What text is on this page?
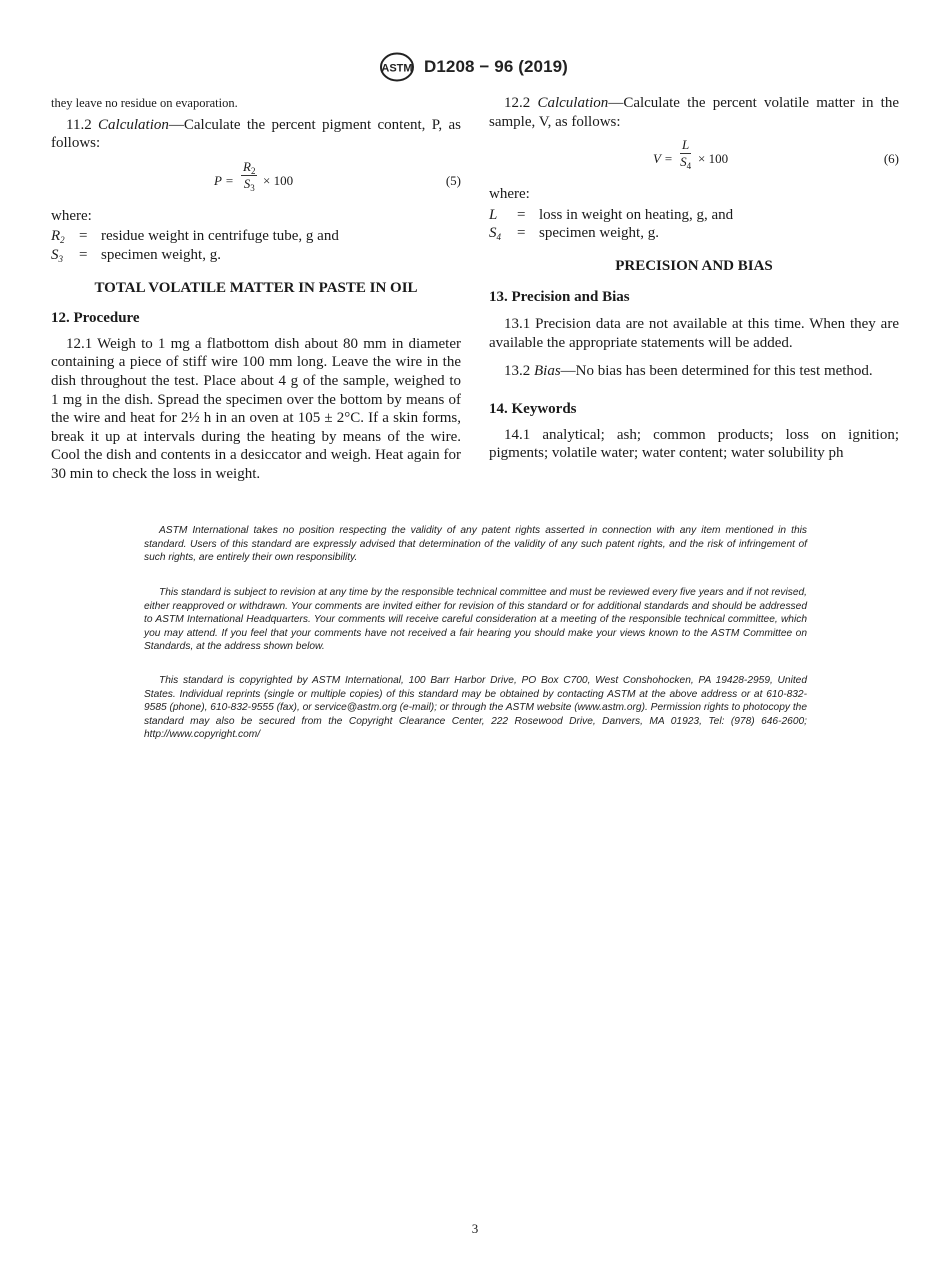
ASTM D1208 − 96 (2019)

they leave no residue on evaporation.

11.2 Calculation—Calculate the percent pigment content, P, as follows:

$P = \frac{R_2}{S_3} \times 100$	(5)

where:

$R_2$ = residue weight in centrifuge tube, g and
$S_3$	= specimen weight, g.

TOTAL VOLATILE MATTER IN PASTE IN OIL

12. Procedure

12.1 Weigh to 1 mg a flatbottom dish about 80 mm in diameter containing a piece of stiff wire 100 mm long. Leave the wire in the dish throughout the test. Place about 4 g of the sample, weighed to 1 mg in the dish. Spread the specimen over the bottom by means of the wire and heat for 2½ h in an oven at 105 ± 2°C. If a skin forms, break it up at intervals during the heating by means of the wire. Cool the dish and contents in a desiccator and weigh. Heat again for 30 min to check the loss in weight.

12.2 Calculation—Calculate the percent volatile matter in the sample, V, as follows:

$V = \frac{L}{S_4} \times 100$	(6)

where:

L	= loss in weight on heating, g, and
$S_4$	= specimen weight, g.

PRECISION AND BIAS

13. Precision and Bias

13.1 Precision data are not available at this time. When they are available the appropriate statements will be added.

13.2 Bias—No bias has been determined for this test method.

14. Keywords

14.1 analytical; ash; common products; loss on ignition; pigments; volatile water; water content; water solubility ph

ASTM International takes no position respecting the validity of any patent rights asserted in connection with any item mentioned in this standard. Users of this standard are expressly advised that determination of the validity of any such patent rights, and the risk of infringement of such rights, are entirely their own responsibility.

This standard is subject to revision at any time by the responsible technical committee and must be reviewed every five years and if not revised, either reapproved or withdrawn. Your comments are invited either for revision of this standard or for additional standards and should be addressed to ASTM International Headquarters. Your comments will receive careful consideration at a meeting of the responsible technical committee, which you may attend. If you feel that your comments have not received a fair hearing you should make your views known to the ASTM Committee on Standards, at the address shown below.

This standard is copyrighted by ASTM International, 100 Barr Harbor Drive, PO Box C700, West Conshohocken, PA 19428-2959, United States. Individual reprints (single or multiple copies) of this standard may be obtained by contacting ASTM at the above address or at 610-832-9585 (phone), 610-832-9555 (fax), or service@astm.org (e-mail); or through the ASTM website (www.astm.org). Permission rights to photocopy the standard may also be secured from the Copyright Clearance Center, 222 Rosewood Drive, Danvers, MA 01923, Tel: (978) 646-2600; http://www.copyright.com/

3
